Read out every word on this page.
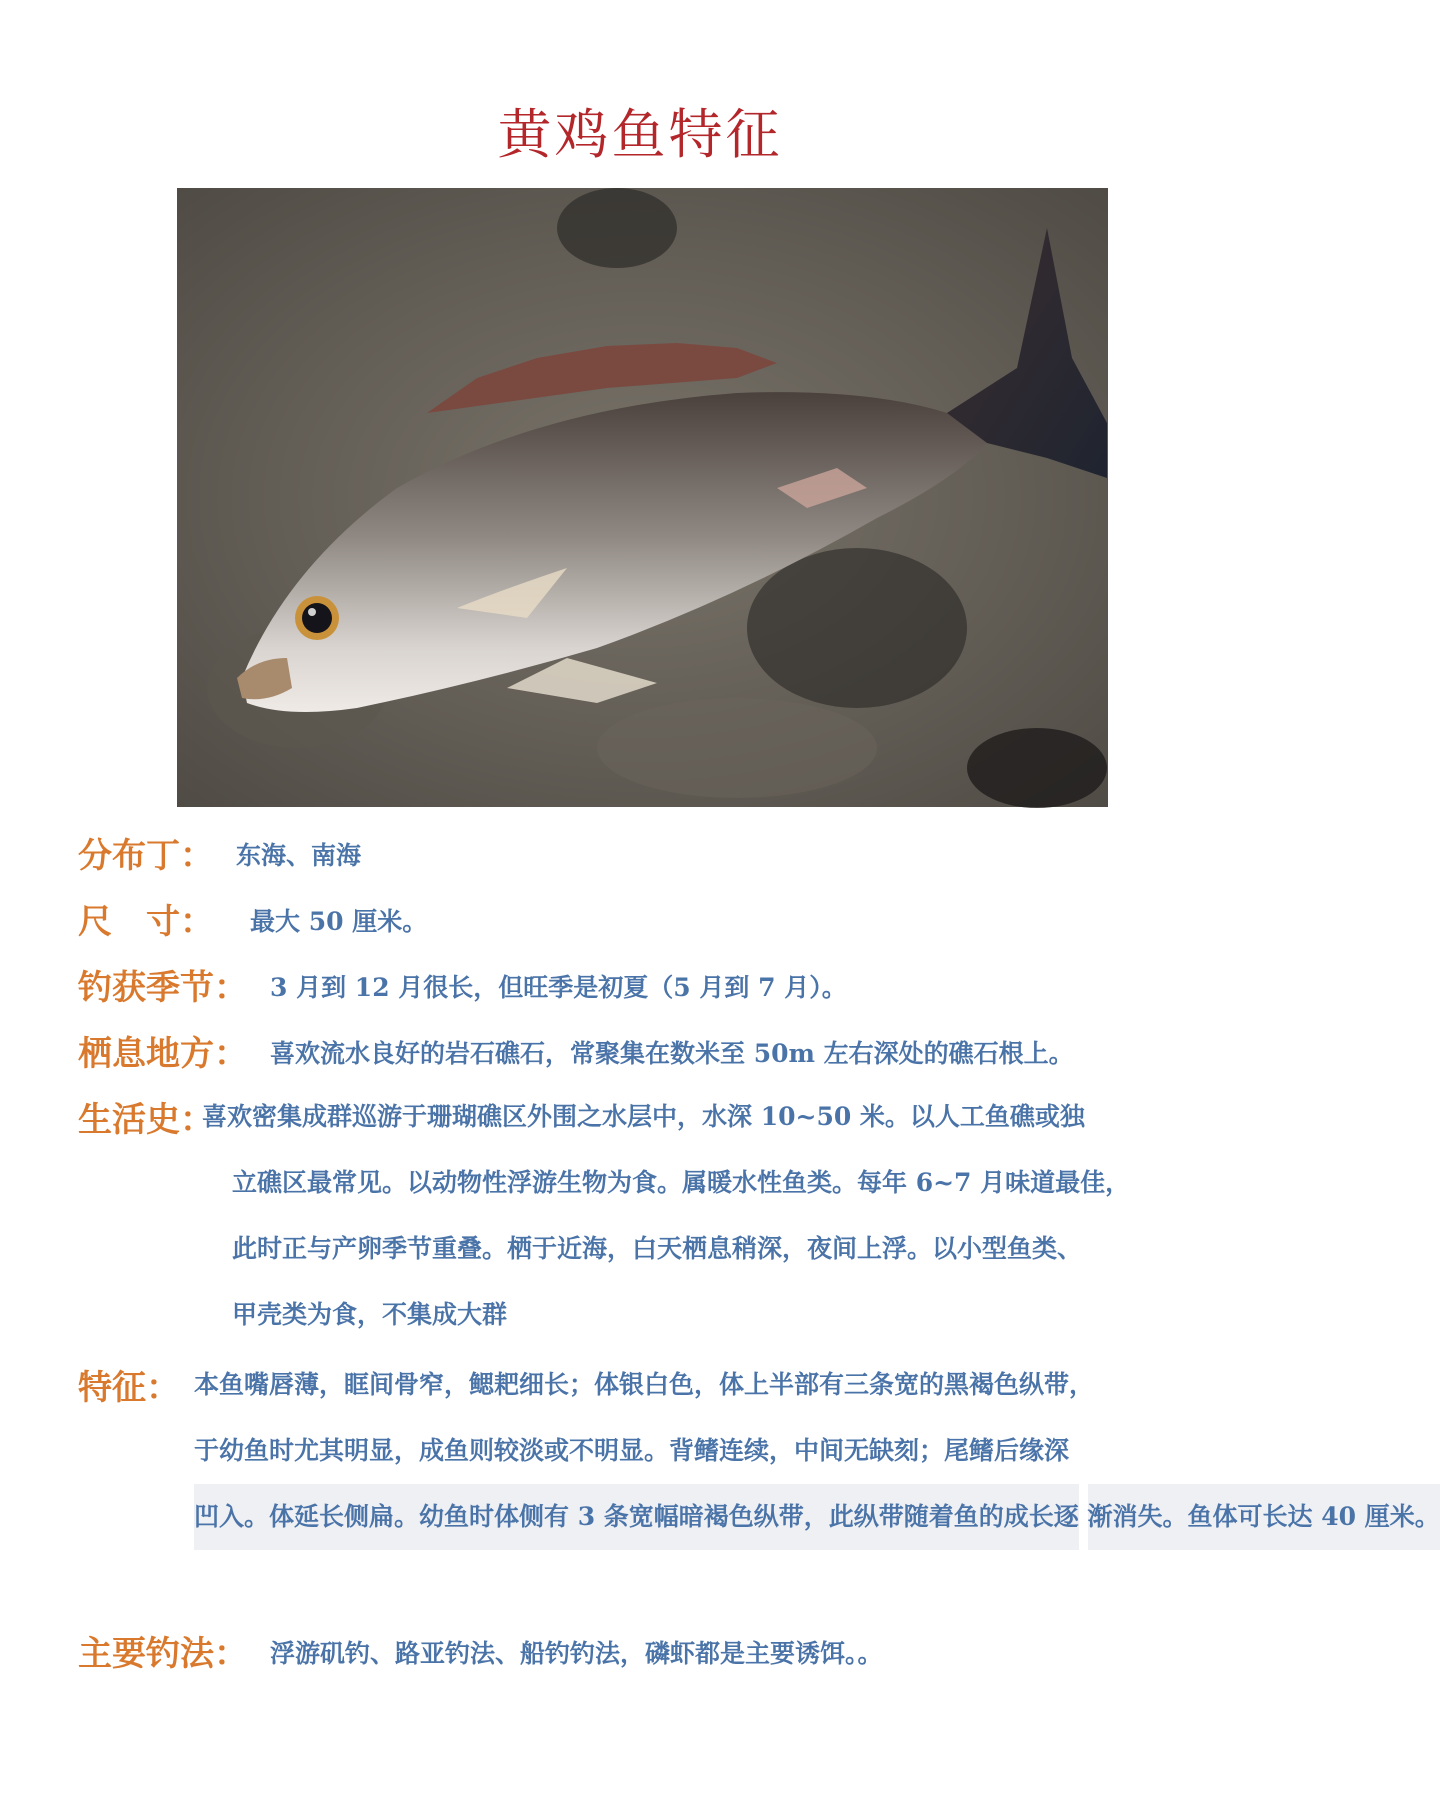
黄鸡鱼特征
分布丁： 东海、南海
尺　寸： 最大 50 厘米。
钓获季节： 3 月到 12 月很长，但旺季是初夏（5 月到 7 月）。
栖息地方： 喜欢流水良好的岩石礁石，常聚集在数米至 50m 左右深处的礁石根上。
生活史：
喜欢密集成群巡游于珊瑚礁区外围之水层中，水深 10~50 米。以人工鱼礁或独
立礁区最常见。以动物性浮游生物为食。属暖水性鱼类。每年 6~7 月味道最佳，
此时正与产卵季节重叠。栖于近海，白天栖息稍深，夜间上浮。以小型鱼类、
甲壳类为食，不集成大群
特征： 本鱼嘴唇薄，眶间骨窄，鳃耙细长；体银白色，体上半部有三条宽的黑褐色纵带，
于幼鱼时尤其明显，成鱼则较淡或不明显。背鳍连续，中间无缺刻；尾鳍后缘深
凹入。体延长侧扁。幼鱼时体侧有 3 条宽幅暗褐色纵带，此纵带随着鱼的成长逐 渐消失。鱼体可长达 40 厘米。
主要钓法： 浮游矶钓、路亚钓法、船钓钓法，磷虾都是主要诱饵。。
